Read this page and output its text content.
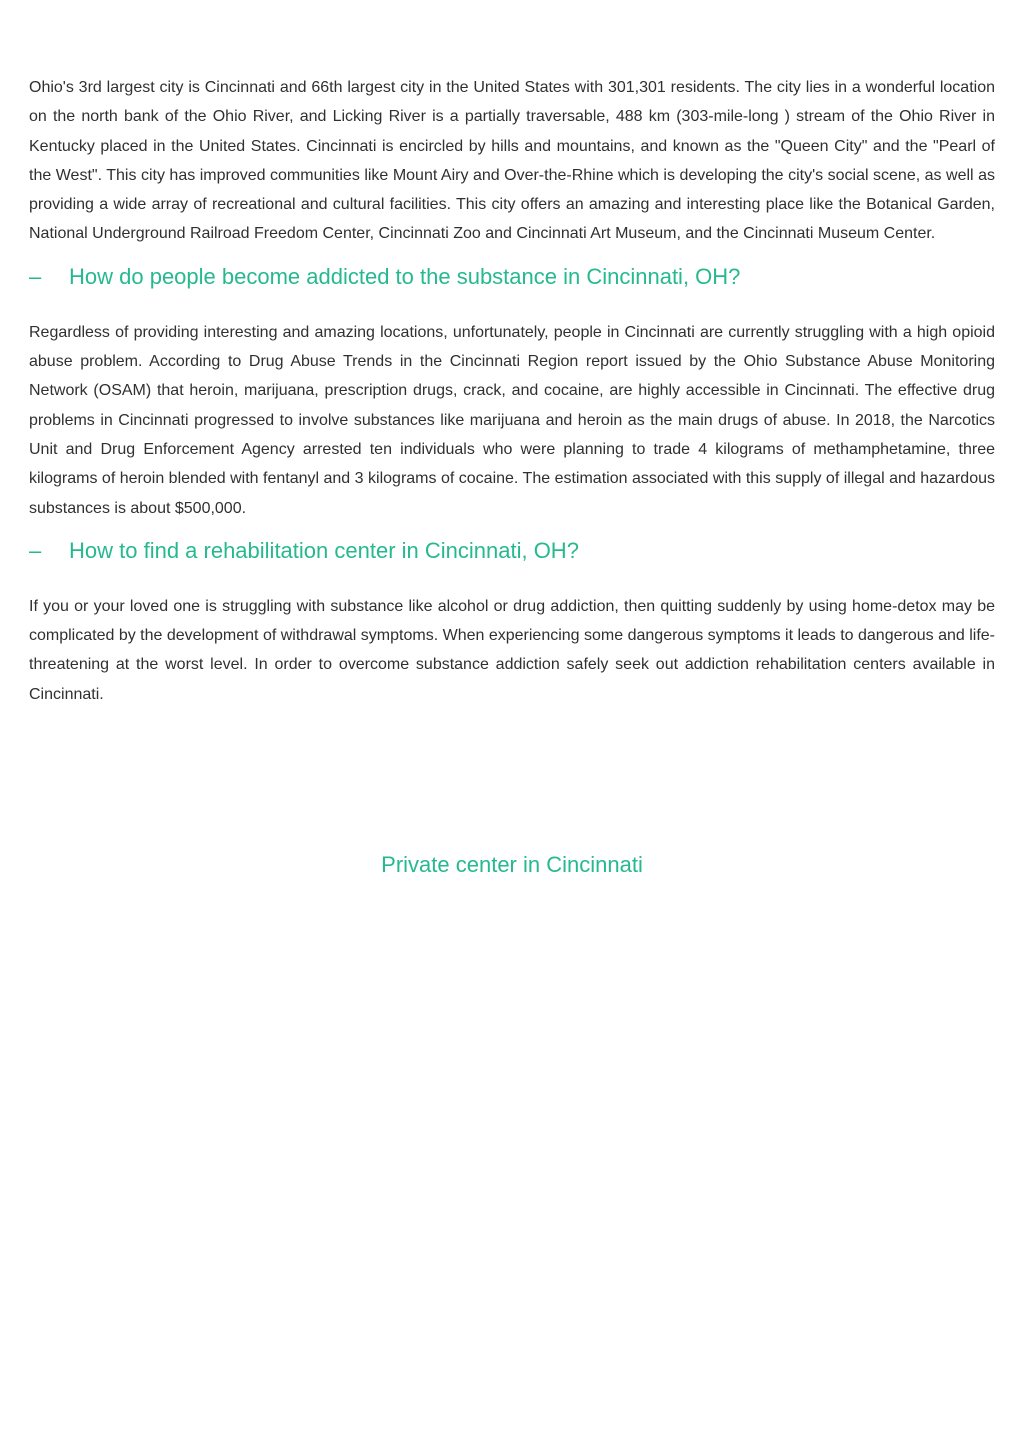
Ohio's 3rd largest city is Cincinnati and 66th largest city in the United States with 301,301 residents. The city lies in a wonderful location on the north bank of the Ohio River, and Licking River is a partially traversable, 488 km (303-mile-long ) stream of the Ohio River in Kentucky placed in the United States. Cincinnati is encircled by hills and mountains, and known as the "Queen City" and the "Pearl of the West". This city has improved communities like Mount Airy and Over-the-Rhine which is developing the city's social scene, as well as providing a wide array of recreational and cultural facilities. This city offers an amazing and interesting place like the Botanical Garden, National Underground Railroad Freedom Center, Cincinnati Zoo and Cincinnati Art Museum, and the Cincinnati Museum Center.

–	How do people become addicted to the substance in Cincinnati, OH?

Regardless of providing interesting and amazing locations, unfortunately, people in Cincinnati are currently struggling with a high opioid abuse problem. According to Drug Abuse Trends in the Cincinnati Region report issued by the Ohio Substance Abuse Monitoring Network (OSAM) that heroin, marijuana, prescription drugs, crack, and cocaine, are highly accessible in Cincinnati. The effective drug problems in Cincinnati progressed to involve substances like marijuana and heroin as the main drugs of abuse. In 2018, the Narcotics Unit and Drug Enforcement Agency arrested ten individuals who were planning to trade 4 kilograms of methamphetamine, three kilograms of heroin blended with fentanyl and 3 kilograms of cocaine. The estimation associated with this supply of illegal and hazardous substances is about $500,000.

–	How to find a rehabilitation center in Cincinnati, OH?

If you or your loved one is struggling with substance like alcohol or drug addiction, then quitting suddenly by using home-detox may be complicated by the development of withdrawal symptoms. When experiencing some dangerous symptoms it leads to dangerous and life-threatening at the worst level. In order to overcome substance addiction safely seek out addiction rehabilitation centers available in Cincinnati.

Private center in Cincinnati
